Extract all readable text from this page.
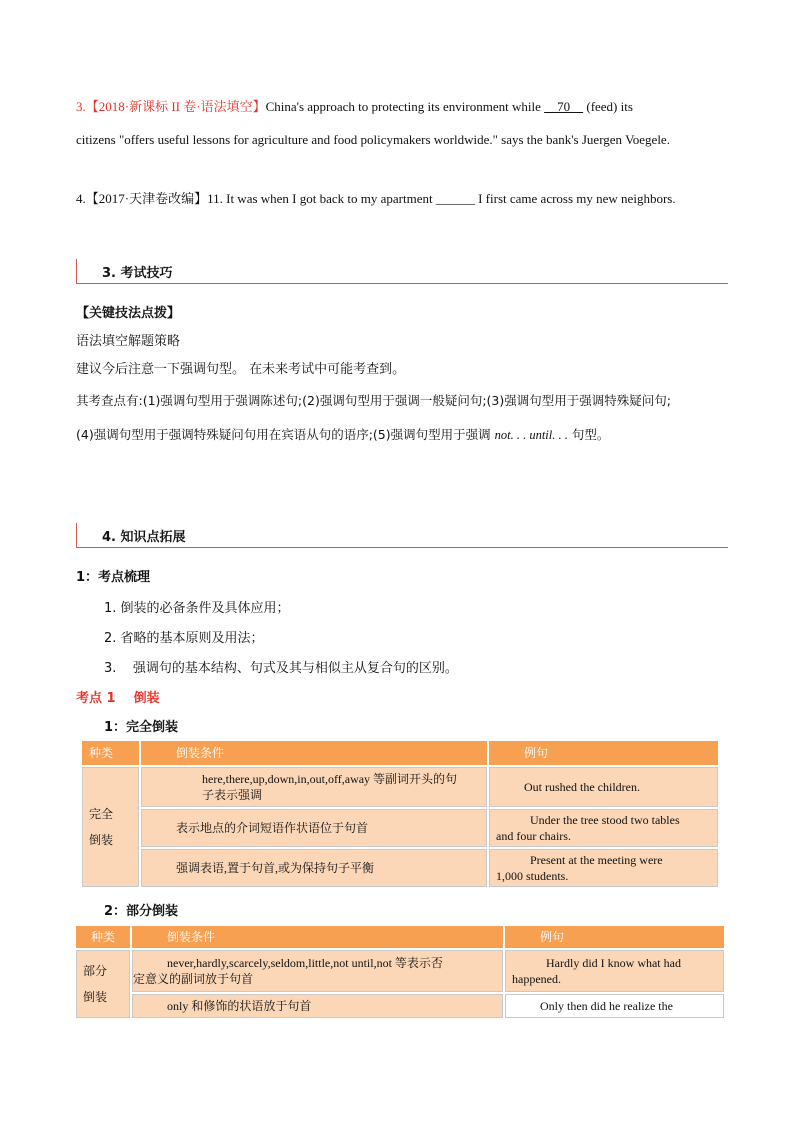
3.【2018·新课标 II 卷·语法填空】China's approach to protecting its environment while     70     (feed) its
citizens "offers useful lessons for agriculture and food policymakers worldwide." says the bank's Juergen Voegele.
4.【2017·天津卷改编】11. It was when I got back to my apartment ______ I first came across my new neighbors.
3. 考试技巧
【关键技法点拨】
语法填空解题策略
建议今后注意一下强调句型。 在未来考试中可能考查到。
其考查点有:(1)强调句型用于强调陈述句;(2)强调句型用于强调一般疑问句;(3)强调句型用于强调特殊疑问句;
(4)强调句型用于强调特殊疑问句用在宾语从句的语序;(5)强调句型用于强调 not. . . until. . . 句型。
4. 知识点拓展
1：考点梳理
1. 倒装的必备条件及具体应用；
2. 省略的基本原则及用法；
3.    强调句的基本结构、句式及其与相似主从复合句的区别。
考点 1    倒装
1：完全倒装
种类	倒装条件	例句

完全
倒装	here,there,up,down,in,out,off,away 等副词开头的句
子表示强调	Out rushed the children.

	表示地点的介词短语作状语位于句首	Under the tree stood two tables
and four chairs.

	强调表语,置于句首,或为保持句子平衡	Present at the meeting were
1,000 students.
2：部分倒装
种类	倒装条件	例句

部分
倒装	never,hardly,scarcely,seldom,little,not until,not 等表示否
定意义的副词放于句首	Hardly did I know what had
happened.

	only 和修饰的状语放于句首	Only then did he realize the
